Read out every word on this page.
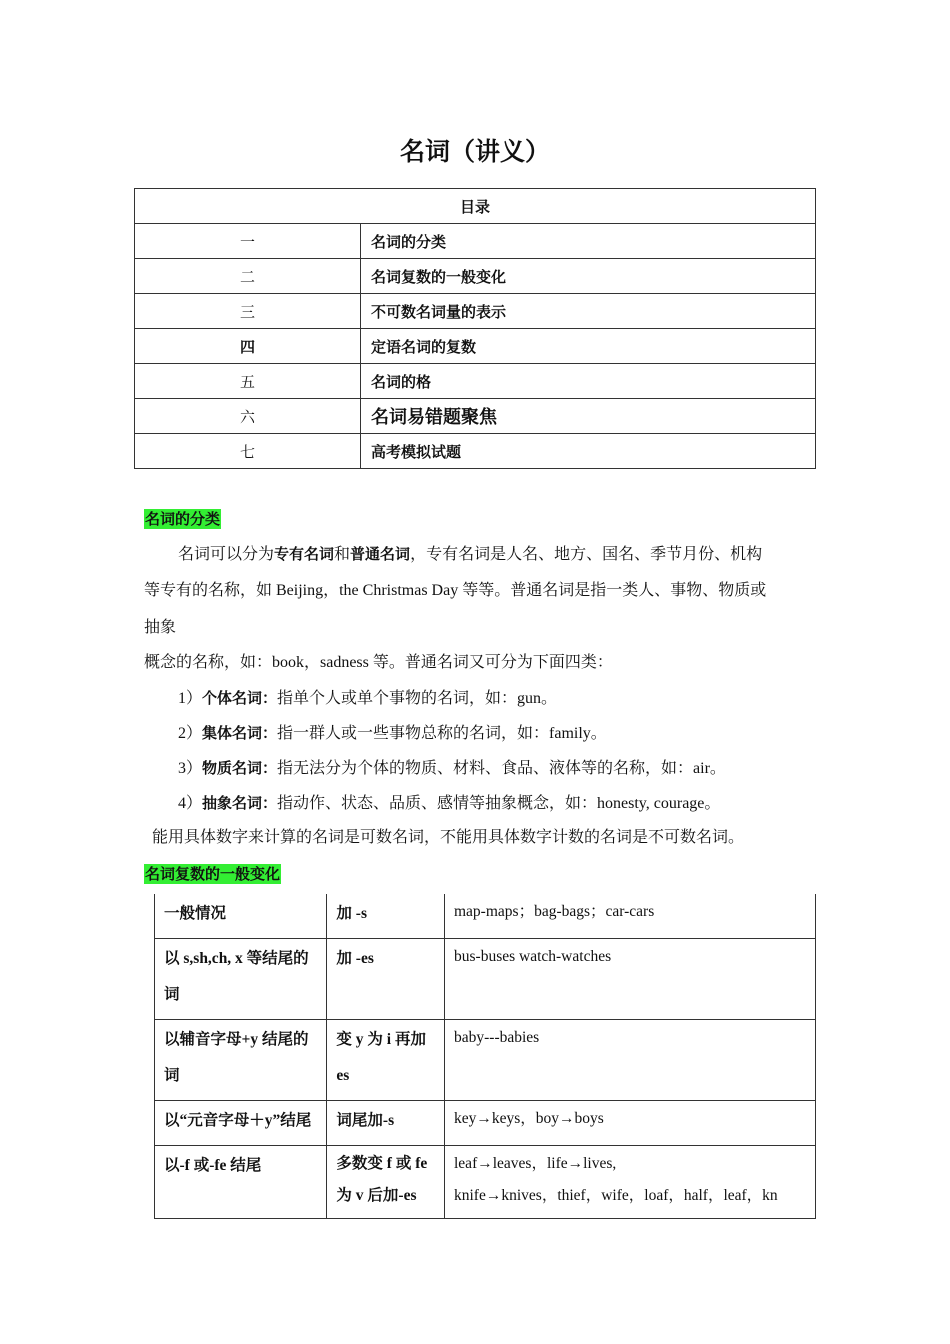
名词（讲义）
目录	
一	名词的分类
二	名词复数的一般变化
三	不可数名词量的表示
四	定语名词的复数
五	名词的格
六	名词易错题聚焦
七	高考模拟试题
名词的分类
名词可以分为专有名词和普通名词，专有名词是人名、地方、国名、季节月份、机构
等专有的名称，如 Beijing，the Christmas Day 等等。普通名词是指一类人、事物、物质或
抽象
概念的名称，如：book，sadness 等。普通名词又可分为下面四类：
1）个体名词：指单个人或单个事物的名词，如：gun。
2）集体名词：指一群人或一些事物总称的名词，如：family。
3）物质名词：指无法分为个体的物质、材料、食品、液体等的名称，如：air。
4）抽象名词：指动作、状态、品质、感情等抽象概念，如：honesty, courage。
能用具体数字来计算的名词是可数名词，不能用具体数字计数的名词是不可数名词。
名词复数的一般变化
一般情况	加 -s	map-maps；bag-bags；car-cars

以 s,sh,ch, x 等结尾的词	加 -es	bus-buses watch-watches

以辅音字母+y 结尾的词	变 y 为 i 再加 es	baby---babies

以“元音字母＋y”结尾	词尾加-s	key→keys，boy→boys

以-f 或-fe 结尾	多数变 f 或 fe 为 v 后加-es	leaf→leaves，life→lives,
knife→knives，thief，wife，loaf，half，leaf，kn
